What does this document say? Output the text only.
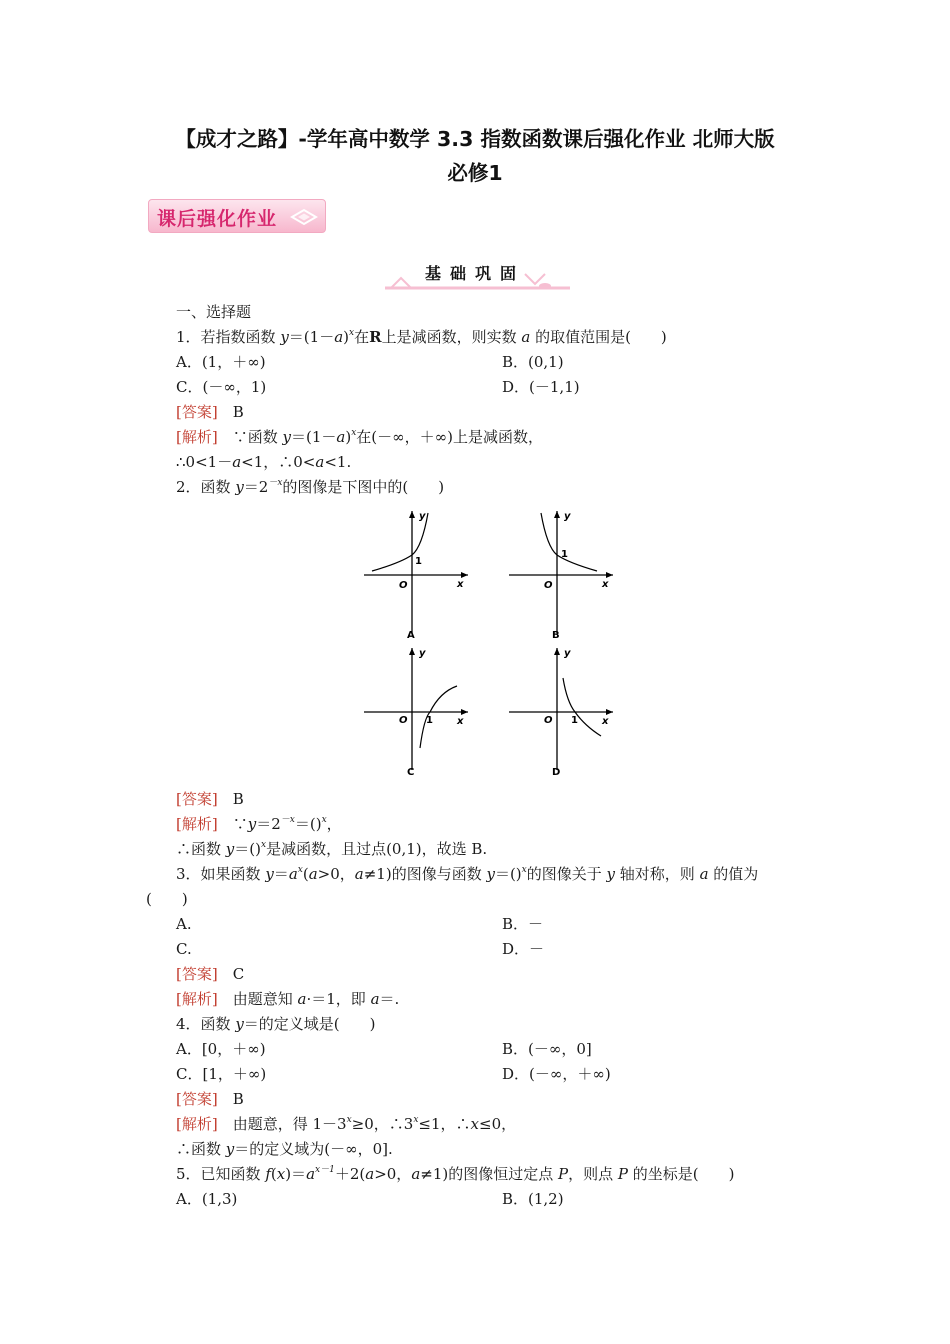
【成才之路】-学年高中数学 3.3 指数函数课后强化作业 北师大版
必修1
课后强化作业
基础巩固
一、选择题
1．若指数函数 $y=(1-a)^x$在R上是减函数，则实数 a 的取值范围是(　　)
A．(1，＋∞)	B．(0,1)
C．(－∞，1)	D．(－1,1)
[答案]　 B
[解析]　 ∵函数 $y=(1-a)^x$在(－∞，＋∞)上是减函数，
∴0<1－a<1，∴0<a<1.
2．函数 $y=2^{-x}$的图像是下图中的(　　)
y
x
O
1
A
y
x
O
1
B
y
x
O 1
C
y
x
O 1
D
[答案]　 B
[解析]　 $\because y=2^{-x}=()^x$，
∴函数 y＝()$^x$是减函数，且过点(0,1)，故选 B.
3．如果函数 $y=a^x(a>0$，a≠1)的图像与函数 y＝()$^x$的图像关于 y 轴对称，则 a 的值为
(　　)
A.	B．－
C.	D．－
[答案]　 C
[解析]　 由题意知 a·＝1，即 a＝.
4．函数 y＝的定义域是(　　)
A．[0，＋∞)	B．(－∞，0]
C．[1，＋∞)	D．(－∞，＋∞)
[答案]　 B
[解析]　 由题意，得 $1-3^x\ge 0$，$\therefore 3^x\le 1$，∴x≤0，
∴函数 y＝的定义域为(－∞，0].
5．已知函数 $f(x)=a^{x-1}+2(a>0$，a≠1)的图像恒过定点 P，则点 P 的坐标是(　　)
A．(1,3)	B．(1,2)
